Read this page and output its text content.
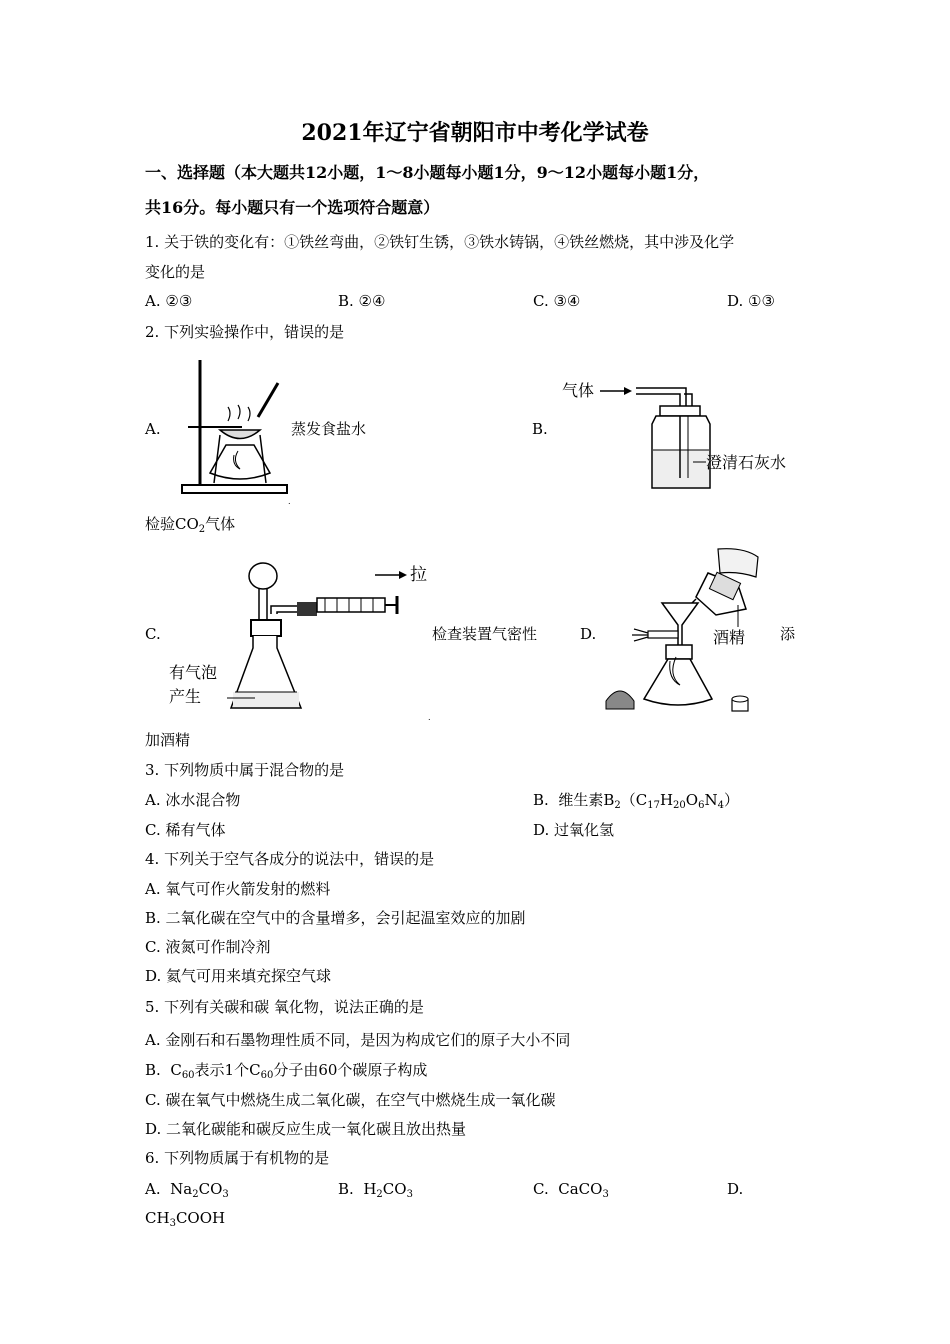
2021年辽宁省朝阳市中考化学试卷
一、选择题（本大题共12小题，1～8小题每小题1分，9～12小题每小题1分，
共16分。每小题只有一个选项符合题意）
1. 关于铁的变化有：①铁丝弯曲，②铁钉生锈，③铁水铸锅，④铁丝燃烧，其中涉及化学
变化的是
A. ②③	B. ②④	C. ③④	D. ①③
2. 下列实验操作中，错误的是
A.	蒸发食盐水	B.
气体
澄清石灰水
.
检验$CO_2$气体
C.
拉
有气泡
产生
.
检查装置气密性	D.	酒精 添
加酒精
3. 下列物质中属于混合物的是
A. 冰水混合物	B.  维生素$B_2(C_{17}H_{20}O_6N_4)$
C. 稀有气体	D. 过氧化氢
4. 下列关于空气各成分的说法中，错误的是
A. 氧气可作火箭发射的燃料
B. 二氧化碳在空气中的含量增多，会引起温室效应的加剧
C. 液氮可作制冷剂
D. 氦气可用来填充探空气球
5. 下列有关碳和碳 氧化物，说法正确的是
A. 金刚石和石墨物理性质不同，是因为构成它们的原子大小不同
B.  $C_{60}$表示1个$C_{60}$分子由60个碳原子构成
C. 碳在氧气中燃烧生成二氧化碳，在空气中燃烧生成一氧化碳
D. 二氧化碳能和碳反应生成一氧化碳且放出热量
6. 下列物质属于有机物的是
A.  $Na_2CO_3$	B.  $H_2CO_3$	C.  CaCO$_3$	D.
$CH_3COOH$
